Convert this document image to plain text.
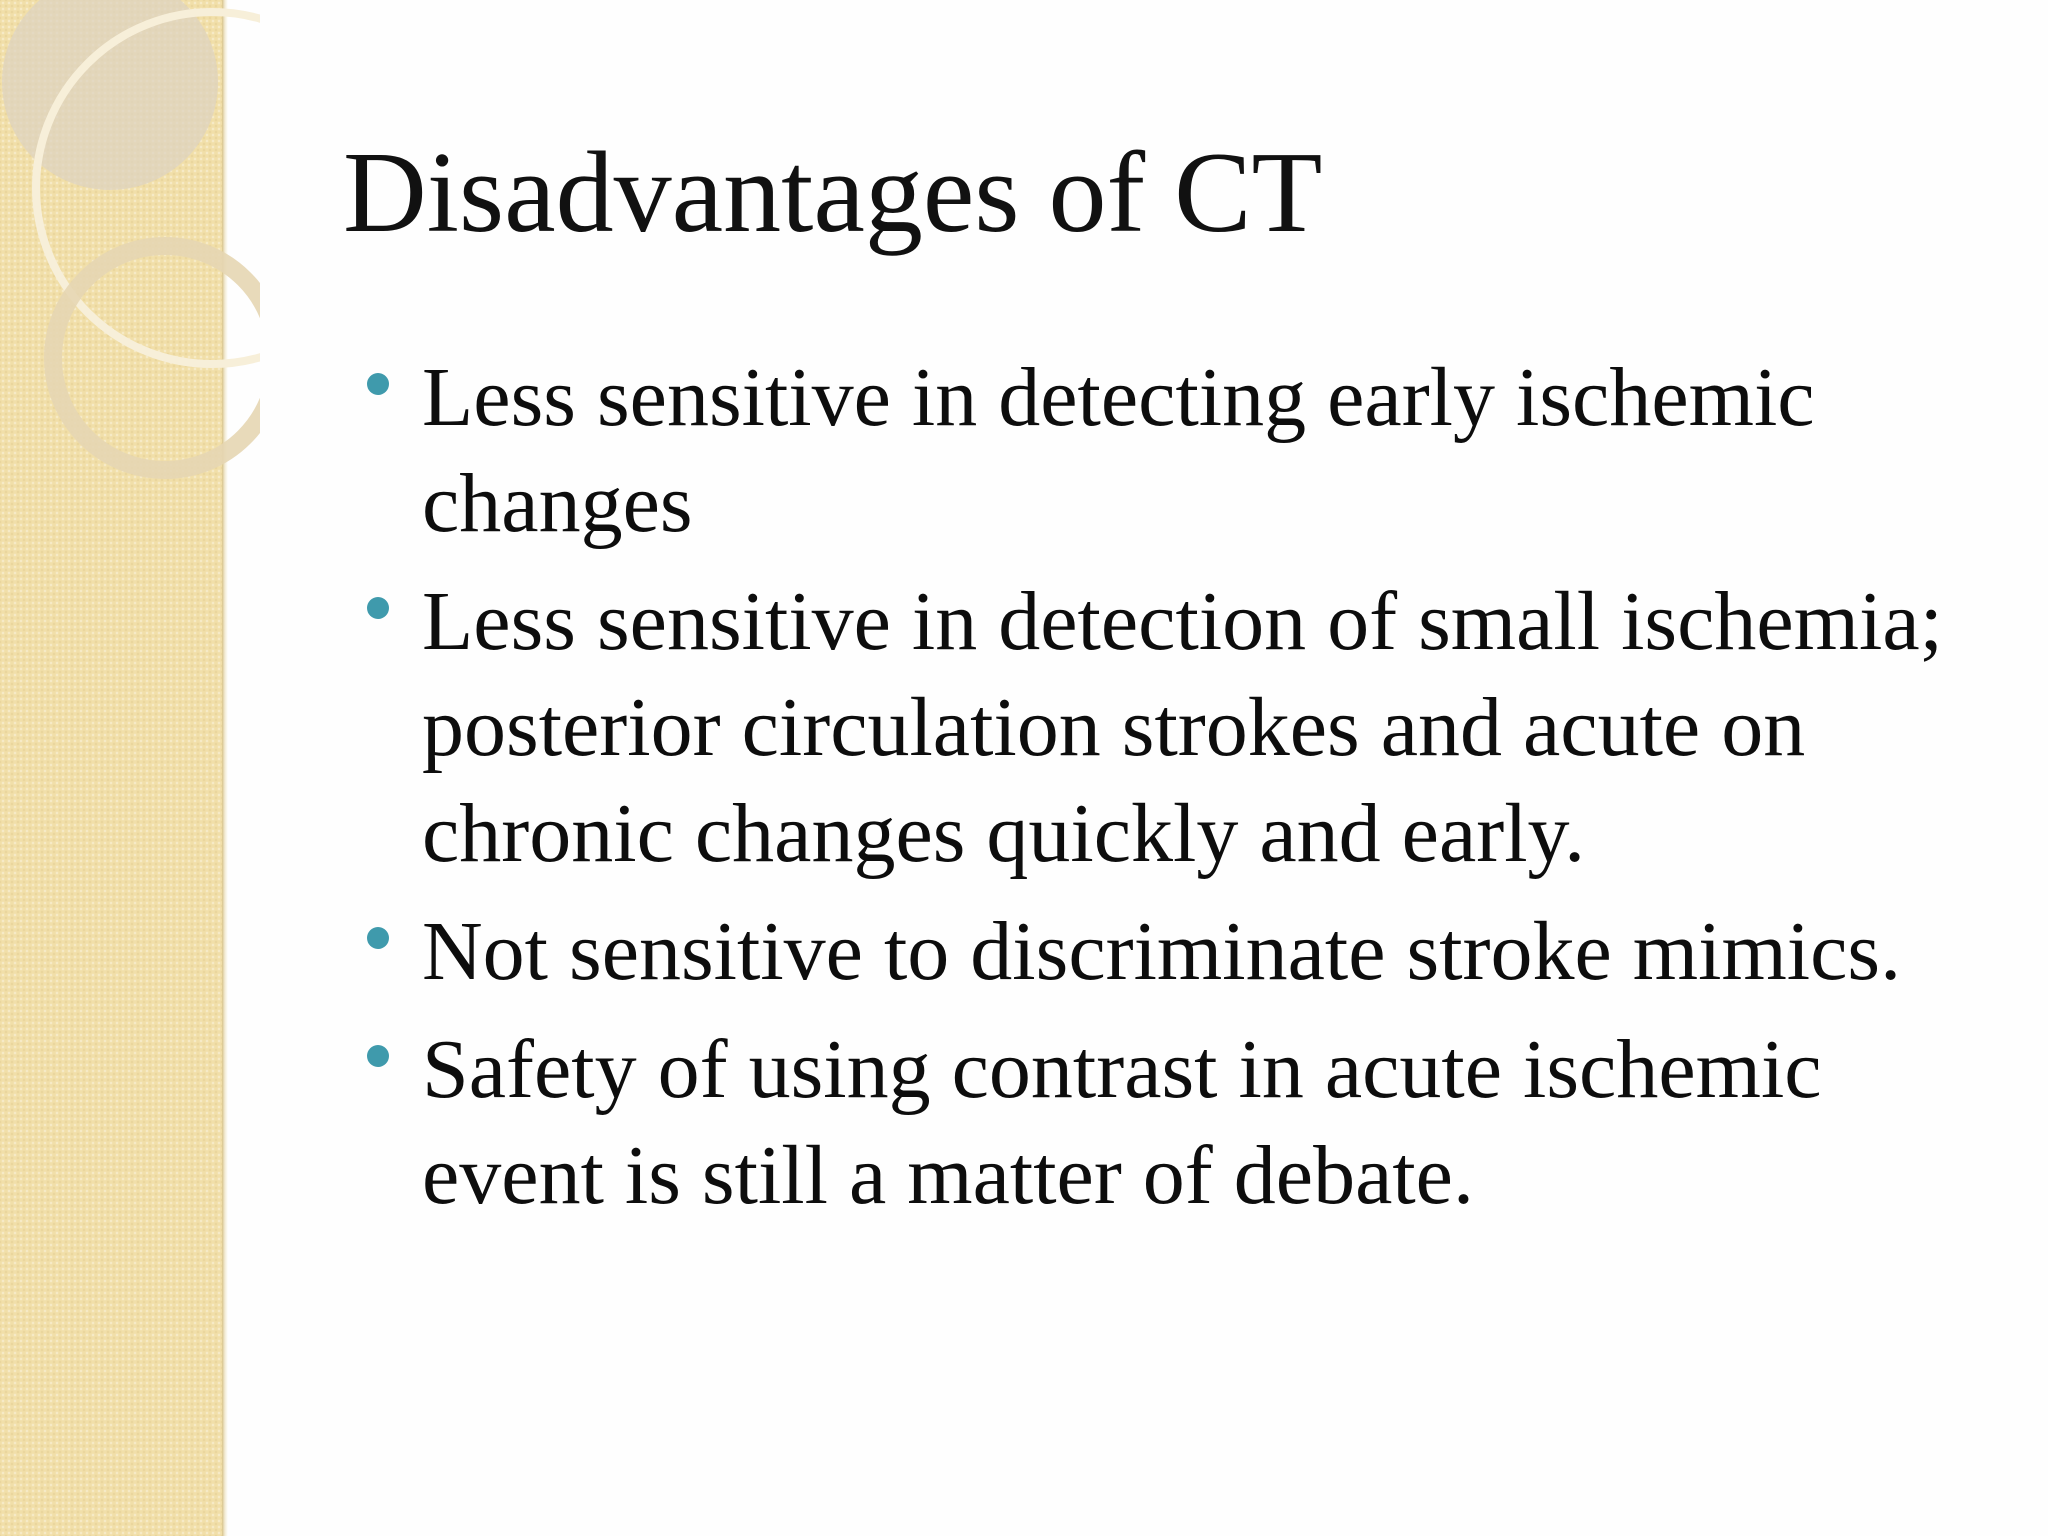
Disadvantages of CT
Less sensitive in detecting early ischemic changes
Less sensitive in detection of small ischemia; posterior circulation strokes and acute on chronic changes quickly and early.
Not sensitive to discriminate stroke mimics.
Safety of using contrast in acute ischemic event is still a matter of debate.
